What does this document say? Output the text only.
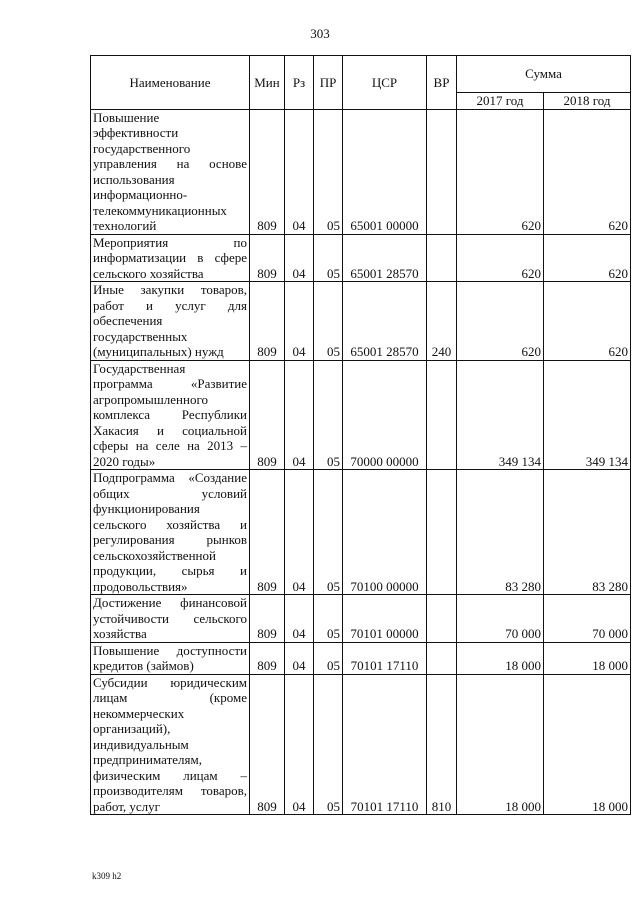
303
Наименование	Мин	Рз	ПР	ЦСР	ВР	Сумма	
						2017 год	2018 год
Повышение эффективности государственного управления на основе использования информационно-телекоммуникационных технологий	809	04	05	65001 00000		620	620
Мероприятия по информатизации в сфере сельского хозяйства	809	04	05	65001 28570		620	620
Иные закупки товаров, работ и услуг для обеспечения государственных (муниципальных) нужд	809	04	05	65001 28570	240	620	620
Государственная программа «Развитие агропромышленного комплекса Республики Хакасия и социальной сферы на селе на 2013 – 2020 годы»	809	04	05	70000 00000		349 134	349 134
Подпрограмма «Создание общих условий функционирования сельского хозяйства и регулирования рынков сельскохозяйственной продукции, сырья и продовольствия»	809	04	05	70100 00000		83 280	83 280
Достижение финансовой устойчивости сельского хозяйства	809	04	05	70101 00000		70 000	70 000
Повышение доступности кредитов (займов)	809	04	05	70101 17110		18 000	18 000
Субсидии юридическим лицам (кроме некоммерческих организаций), индивидуальным предпринимателям, физическим лицам – производителям товаров, работ, услуг	809	04	05	70101 17110	810	18 000	18 000
k309 h2
